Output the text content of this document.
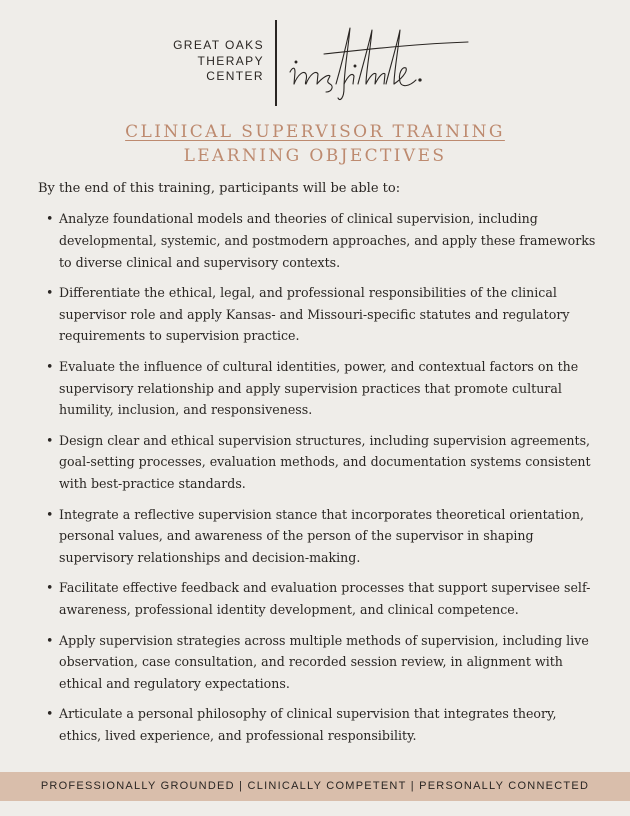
GREAT OAKS
THERAPY
CENTER
CLINICAL SUPERVISOR TRAINING
LEARNING OBJECTIVES
By the end of this training, participants will be able to:
• Analyze foundational models and theories of clinical supervision, including developmental, systemic, and postmodern approaches, and apply these frameworks to diverse clinical and supervisory contexts.
• Differentiate the ethical, legal, and professional responsibilities of the clinical supervisor role and apply Kansas- and Missouri-specific statutes and regulatory requirements to supervision practice.
• Evaluate the influence of cultural identities, power, and contextual factors on the supervisory relationship and apply supervision practices that promote cultural humility, inclusion, and responsiveness.
• Design clear and ethical supervision structures, including supervision agreements, goal-setting processes, evaluation methods, and documentation systems consistent with best-practice standards.
• Integrate a reflective supervision stance that incorporates theoretical orientation, personal values, and awareness of the person of the supervisor in shaping supervisory relationships and decision-making.
• Facilitate effective feedback and evaluation processes that support supervisee self-awareness, professional identity development, and clinical competence.
• Apply supervision strategies across multiple methods of supervision, including live observation, case consultation, and recorded session review, in alignment with ethical and regulatory expectations.
• Articulate a personal philosophy of clinical supervision that integrates theory, ethics, lived experience, and professional responsibility.
PROFESSIONALLY GROUNDED | CLINICALLY COMPETENT | PERSONALLY CONNECTED
